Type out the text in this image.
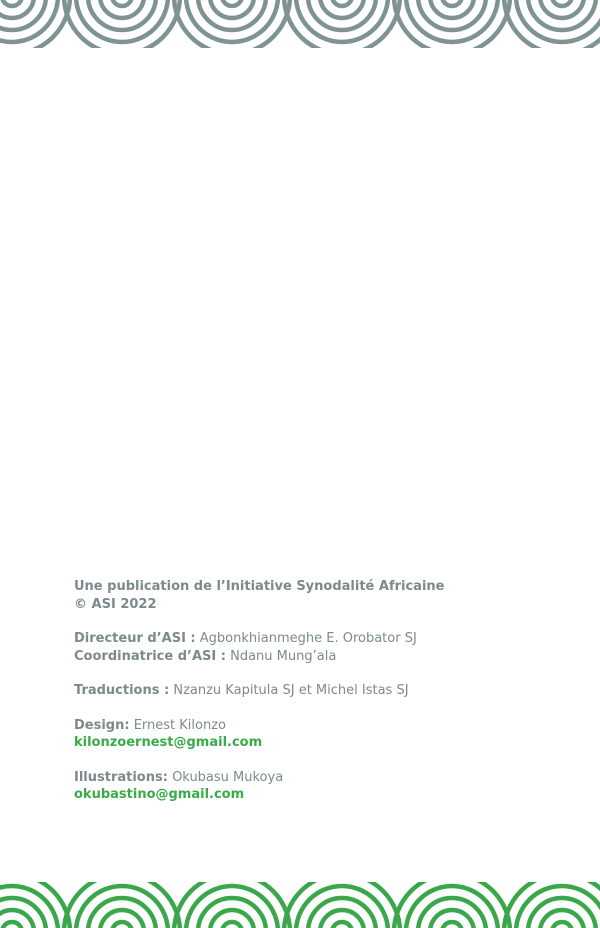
Une publication de l’Initiative Synodalité Africaine

© ASI 2022

Directeur d’ASI : Agbonkhianmeghe E. Orobator SJ

Coordinatrice d’ASI : Ndanu Mung’ala

Traductions : Nzanzu Kapitula SJ et Michel Istas SJ

Design: Ernest Kilonzo

kilonzoernest@gmail.com

Illustrations: Okubasu Mukoya

okubastino@gmail.com
